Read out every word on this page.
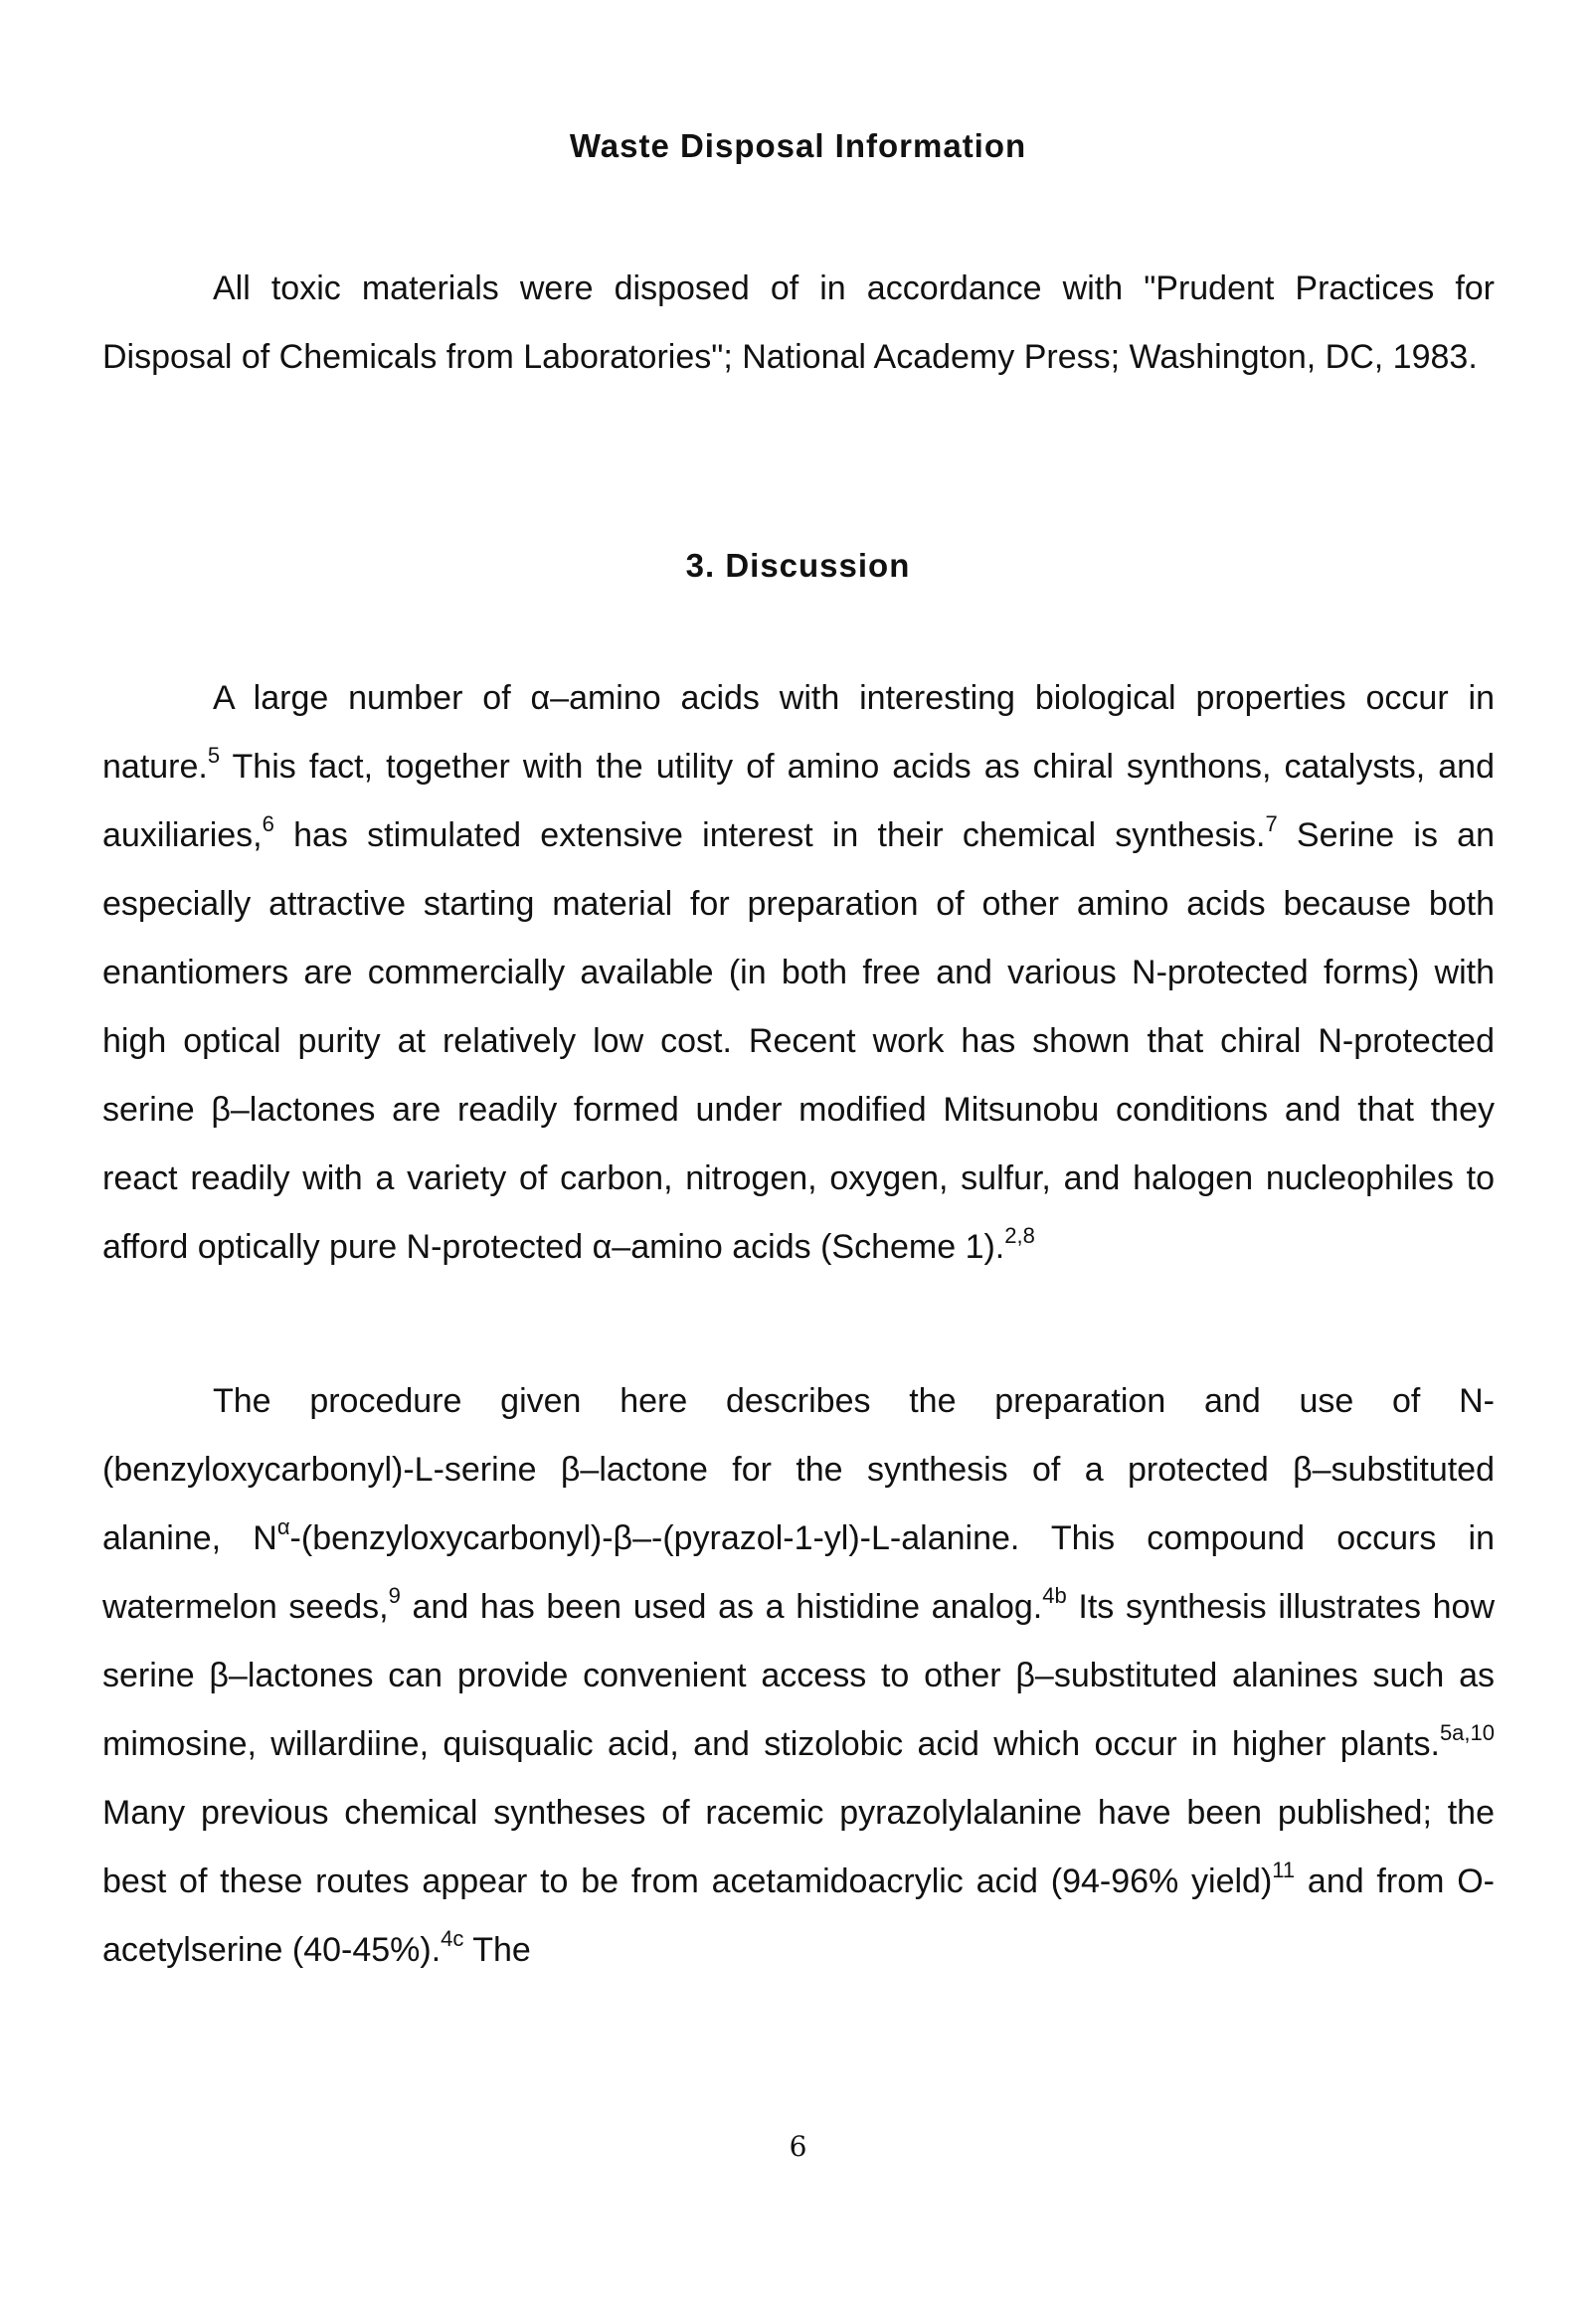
Waste Disposal Information

All toxic materials were disposed of in accordance with "Prudent Practices for Disposal of Chemicals from Laboratories"; National Academy Press; Washington, DC, 1983.

3. Discussion

A large number of α–amino acids with interesting biological properties occur in nature.$^5$ This fact, together with the utility of amino acids as chiral synthons, catalysts, and auxiliaries,$^6$ has stimulated extensive interest in their chemical synthesis.$^7$ Serine is an especially attractive starting material for preparation of other amino acids because both enantiomers are commercially available (in both free and various N-protected forms) with high optical purity at relatively low cost. Recent work has shown that chiral N-protected serine β–lactones are readily formed under modified Mitsunobu conditions and that they react readily with a variety of carbon, nitrogen, oxygen, sulfur, and halogen nucleophiles to afford optically pure N-protected α–amino acids (Scheme 1).$^{2,8}$

The procedure given here describes the preparation and use of N-(benzyloxycarbonyl)-L-serine β–lactone for the synthesis of a protected β–substituted alanine, $N^\alpha-(benzyloxycarbonyl)-\beta--(pyrazol-1-yl)-L$-alanine. This compound occurs in watermelon seeds,$^9$ and has been used as a histidine analog.$^{4b}$ Its synthesis illustrates how serine β–lactones can provide convenient access to other β–substituted alanines such as mimosine, willardiine, quisqualic acid, and stizolobic acid which occur in higher plants.$^{5a,10}$ Many previous chemical syntheses of racemic pyrazolylalanine have been published; the best of these routes appear to be from acetamidoacrylic acid (94-96% yield)$^{11}$ and from O-acetylserine (40-45%).$^{4c}$ The

6
